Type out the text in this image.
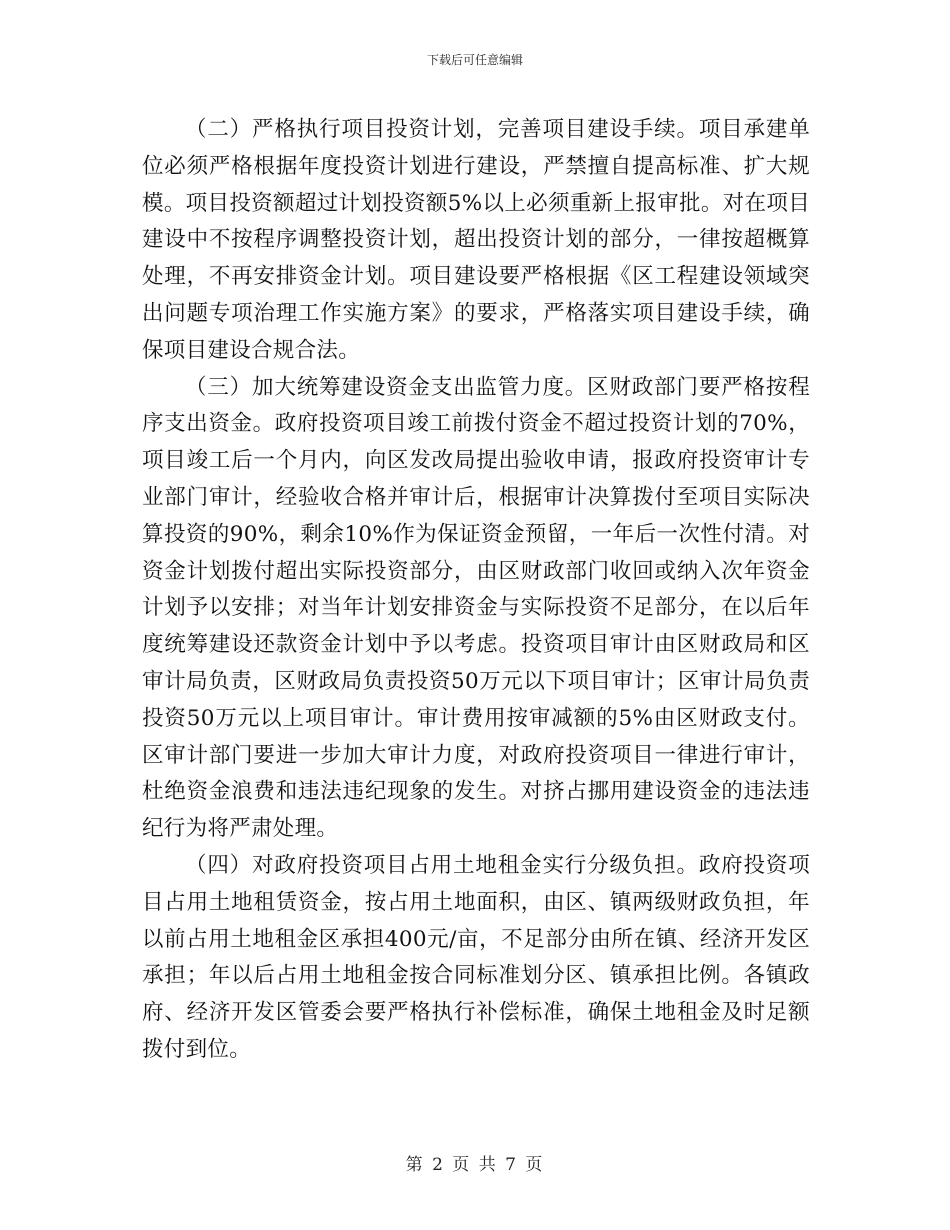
下载后可任意编辑

（二）严格执行项目投资计划，完善项目建设手续。项目承建单位必须严格根据年度投资计划进行建设，严禁擅自提高标准、扩大规模。项目投资额超过计划投资额5%以上必须重新上报审批。对在项目建设中不按程序调整投资计划，超出投资计划的部分，一律按超概算处理，不再安排资金计划。项目建设要严格根据《区工程建设领域突出问题专项治理工作实施方案》的要求，严格落实项目建设手续，确保项目建设合规合法。

（三）加大统筹建设资金支出监管力度。区财政部门要严格按程序支出资金。政府投资项目竣工前拨付资金不超过投资计划的70%，项目竣工后一个月内，向区发改局提出验收申请，报政府投资审计专业部门审计，经验收合格并审计后，根据审计决算拨付至项目实际决算投资的90%，剩余10%作为保证资金预留，一年后一次性付清。对资金计划拨付超出实际投资部分，由区财政部门收回或纳入次年资金计划予以安排；对当年计划安排资金与实际投资不足部分，在以后年度统筹建设还款资金计划中予以考虑。投资项目审计由区财政局和区审计局负责，区财政局负责投资50万元以下项目审计；区审计局负责投资50万元以上项目审计。审计费用按审减额的5%由区财政支付。区审计部门要进一步加大审计力度，对政府投资项目一律进行审计，杜绝资金浪费和违法违纪现象的发生。对挤占挪用建设资金的违法违纪行为将严肃处理。

（四）对政府投资项目占用土地租金实行分级负担。政府投资项目占用土地租赁资金，按占用土地面积，由区、镇两级财政负担，年以前占用土地租金区承担400元/亩，不足部分由所在镇、经济开发区承担；年以后占用土地租金按合同标准划分区、镇承担比例。各镇政府、经济开发区管委会要严格执行补偿标准，确保土地租金及时足额拨付到位。

第 2 页 共 7 页
